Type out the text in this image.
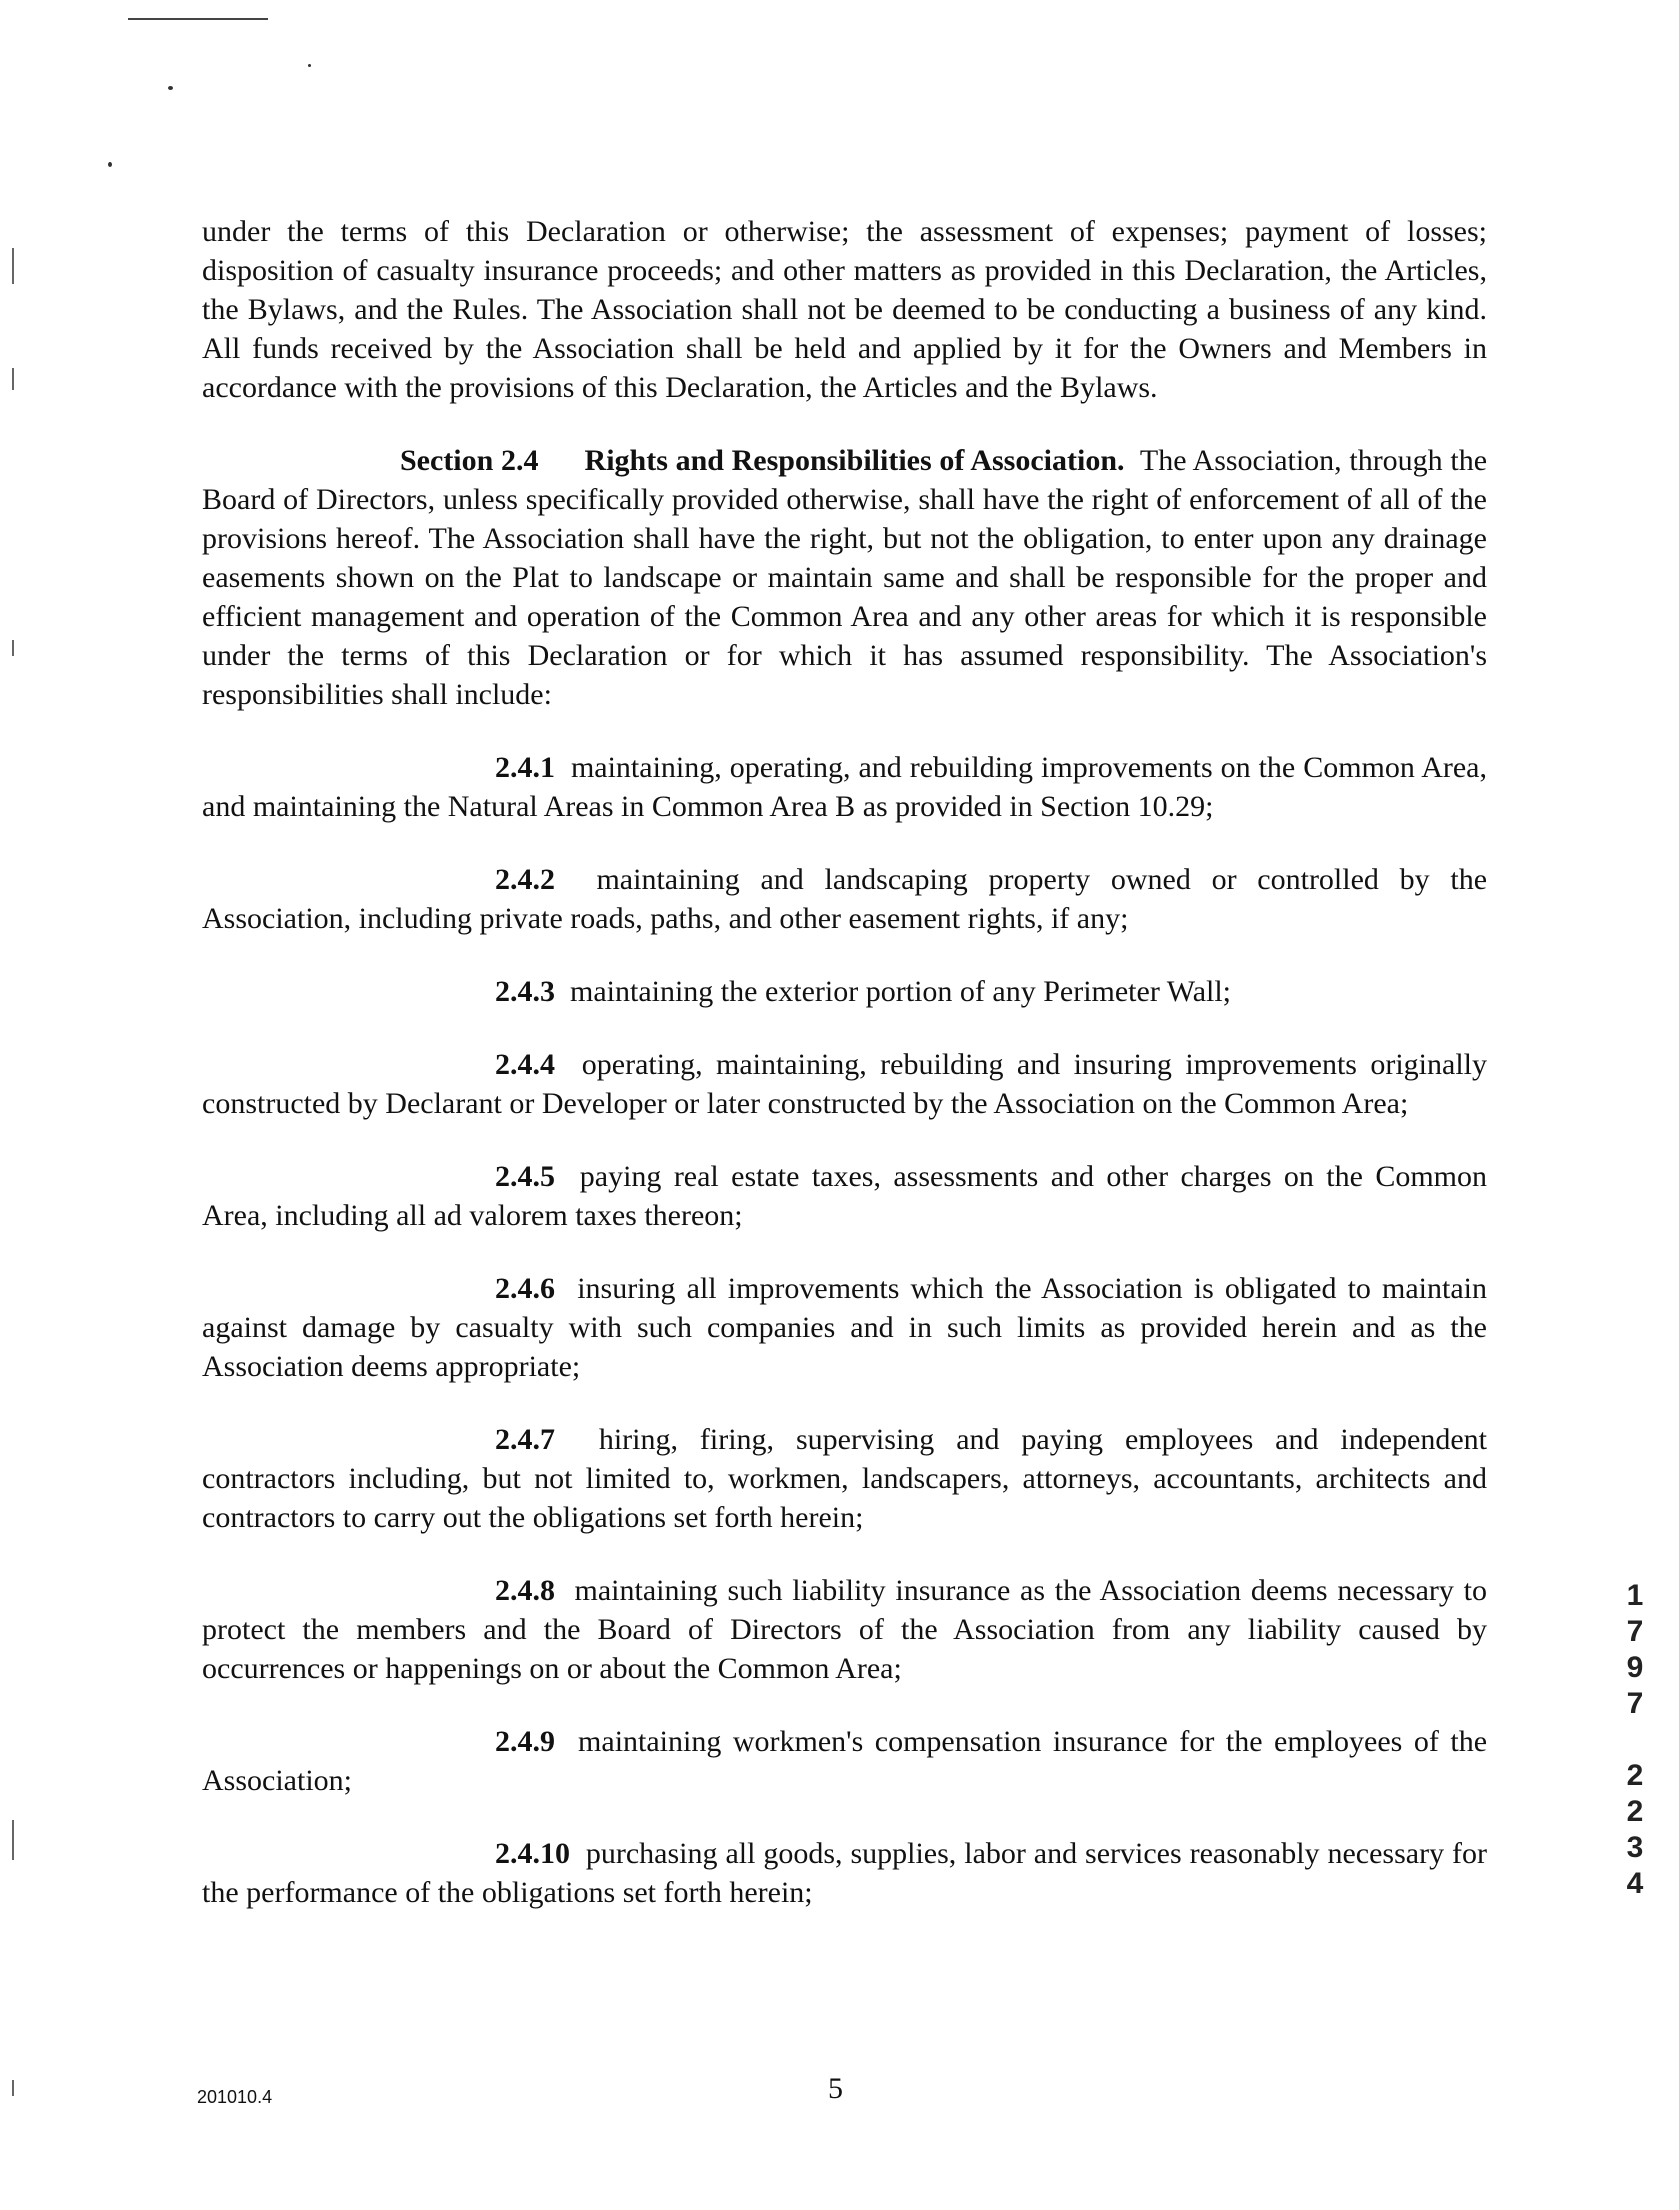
under the terms of this Declaration or otherwise; the assessment of expenses; payment of losses; disposition of casualty insurance proceeds; and other matters as provided in this Declaration, the Articles, the Bylaws, and the Rules. The Association shall not be deemed to be conducting a business of any kind. All funds received by the Association shall be held and applied by it for the Owners and Members in accordance with the provisions of this Declaration, the Articles and the Bylaws.

Section 2.4 Rights and Responsibilities of Association. The Association, through the Board of Directors, unless specifically provided otherwise, shall have the right of enforcement of all of the provisions hereof. The Association shall have the right, but not the obligation, to enter upon any drainage easements shown on the Plat to landscape or maintain same and shall be responsible for the proper and efficient management and operation of the Common Area and any other areas for which it is responsible under the terms of this Declaration or for which it has assumed responsibility. The Association's responsibilities shall include:

2.4.1 maintaining, operating, and rebuilding improvements on the Common Area, and maintaining the Natural Areas in Common Area B as provided in Section 10.29;

2.4.2 maintaining and landscaping property owned or controlled by the Association, including private roads, paths, and other easement rights, if any;

2.4.3 maintaining the exterior portion of any Perimeter Wall;

2.4.4 operating, maintaining, rebuilding and insuring improvements originally constructed by Declarant or Developer or later constructed by the Association on the Common Area;

2.4.5 paying real estate taxes, assessments and other charges on the Common Area, including all ad valorem taxes thereon;

2.4.6 insuring all improvements which the Association is obligated to maintain against damage by casualty with such companies and in such limits as provided herein and as the Association deems appropriate;

2.4.7 hiring, firing, supervising and paying employees and independent contractors including, but not limited to, workmen, landscapers, attorneys, accountants, architects and contractors to carry out the obligations set forth herein;

2.4.8 maintaining such liability insurance as the Association deems necessary to protect the members and the Board of Directors of the Association from any liability caused by occurrences or happenings on or about the Common Area;

2.4.9 maintaining workmen's compensation insurance for the employees of the Association;

2.4.10 purchasing all goods, supplies, labor and services reasonably necessary for the performance of the obligations set forth herein;

1
7
9
7
2
2
3
4
201010.4	5
